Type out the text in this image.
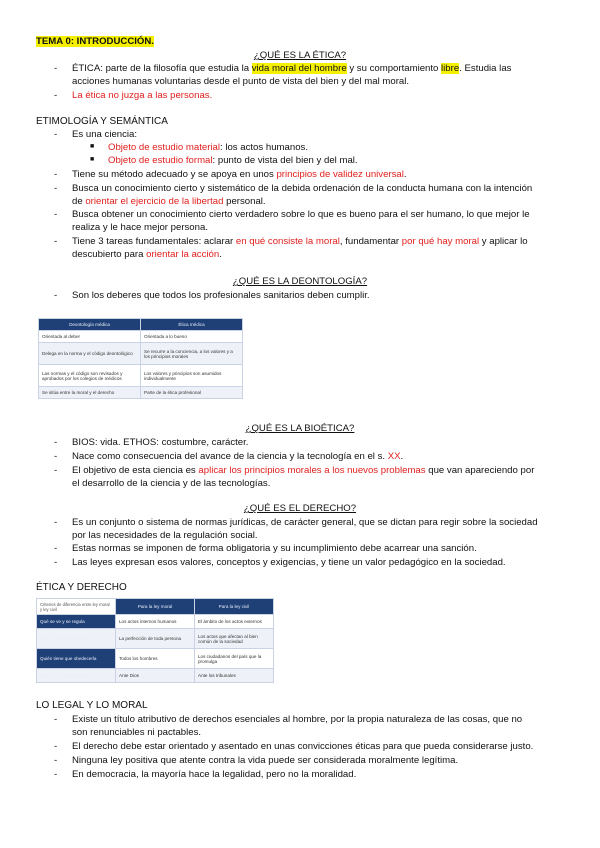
TEMA 0: INTRODUCCIÓN.
¿QUÉ ES LA ÉTICA?
- ÉTICA: parte de la filosofía que estudia la vida moral del hombre y su comportamiento libre. Estudia las
acciones humanas voluntarias desde el punto de vista del bien y del mal moral.
- La ética no juzga a las personas.
ETIMOLOGÍA Y SEMÁNTICA
- Es una ciencia:
■ Objeto de estudio material: los actos humanos.
■ Objeto de estudio formal: punto de vista del bien y del mal.
- Tiene su método adecuado y se apoya en unos principios de validez universal.
- Busca un conocimiento cierto y sistemático de la debida ordenación de la conducta humana con la intención
de orientar el ejercicio de la libertad personal.
- Busca obtener un conocimiento cierto verdadero sobre lo que es bueno para el ser humano, lo que mejor le
realiza y le hace mejor persona.
- Tiene 3 tareas fundamentales: aclarar en qué consiste la moral, fundamentar por qué hay moral y aplicar lo
descubierto para orientar la acción.
¿QUÉ ES LA DEONTOLOGÍA?
- Son los deberes que todos los profesionales sanitarios deben cumplir.
Deontología médica	Ética médica
Orientada al deber	Orientada a lo bueno
Delega en la norma y el código deontológico	Se recurre a la conciencia, a los valores y a los principios morales
Las normas y el código son revisados y aprobados por los colegios de médicos	Los valores y principios son asumidos individualmente
Se sitúa entre la moral y el derecho	Parte de la ética profesional
¿QUÉ ES LA BIOÉTICA?
- BIOS: vida. ETHOS: costumbre, carácter.
- Nace como consecuencia del avance de la ciencia y la tecnología en el s. XX.
- El objetivo de esta ciencia es aplicar los principios morales a los nuevos problemas que van apareciendo por
el desarrollo de la ciencia y de las tecnologías.
¿QUÉ ES EL DERECHO?
- Es un conjunto o sistema de normas jurídicas, de carácter general, que se dictan para regir sobre la sociedad
por las necesidades de la regulación social.
- Estas normas se imponen de forma obligatoria y su incumplimiento debe acarrear una sanción.
- Las leyes expresan esos valores, conceptos y exigencias, y tiene un valor pedagógico en la sociedad.
ÉTICA Y DERECHO
Criterios de diferencia entre ley moral y ley civil	Para la ley moral	Para la ley civil
Qué se ve y se regula	Los actos internos humanos	El ámbito de los actos externos
Qué se exige a la persona	La perfección de toda persona	Los actos que afectan al bien común de la sociedad
Quién tiene que obedecerla	Todos los hombres	Los ciudadanos del país que la promulga
Ante quién se responde	Ante Dios	Ante los tribunales
LO LEGAL Y LO MORAL
- Existe un título atributivo de derechos esenciales al hombre, por la propia naturaleza de las cosas, que no
son renunciables ni pactables.
- El derecho debe estar orientado y asentado en unas convicciones éticas para que pueda considerarse justo.
- Ninguna ley positiva que atente contra la vida puede ser considerada moralmente legítima.
- En democracia, la mayoría hace la legalidad, pero no la moralidad.
